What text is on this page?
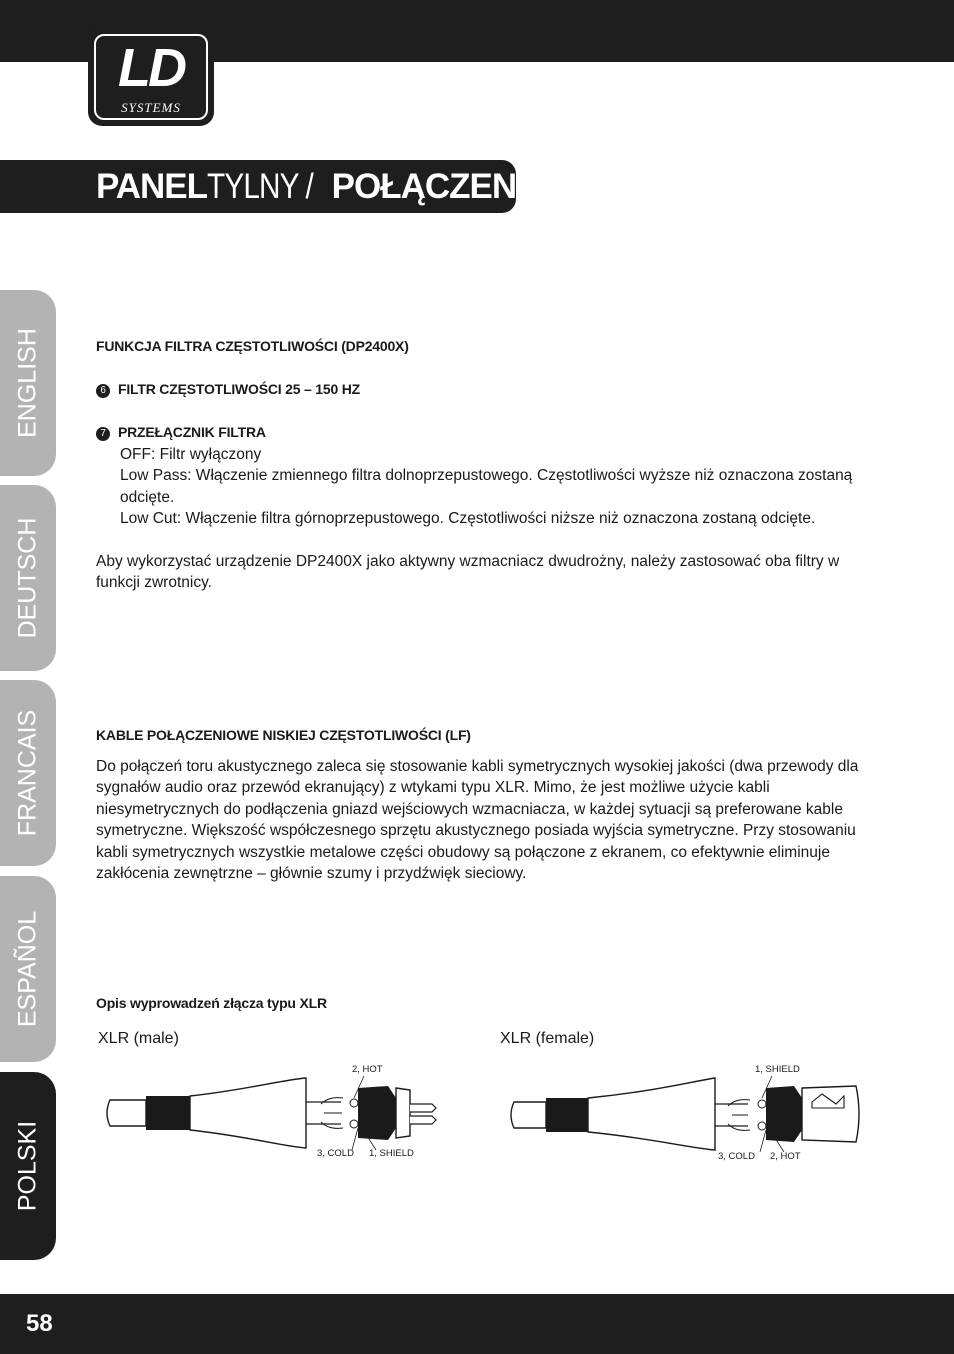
LD
SYSTEMS
PANELTYLNY /POŁĄCZENIA:
ENGLISH
DEUTSCH
FRANCAIS
ESPAÑOL
POLSKI
FUNKCJA FILTRA CZĘSTOTLIWOŚCI (DP2400X)
6 FILTR CZĘSTOTLIWOŚCI 25 – 150 HZ
7 PRZEŁĄCZNIK FILTRA
OFF: Filtr wyłączony
Low Pass: Włączenie zmiennego filtra dolnoprzepustowego. Częstotliwości wyższe niż oznaczona zostaną odcięte.
Low Cut: Włączenie filtra górnoprzepustowego. Częstotliwości niższe niż oznaczona zostaną odcięte.
Aby wykorzystać urządzenie DP2400X jako aktywny wzmacniacz dwudrożny, należy zastosować oba filtry w funkcji zwrotnicy.
KABLE POŁĄCZENIOWE NISKIEJ CZĘSTOTLIWOŚCI (LF)
Do połączeń toru akustycznego zaleca się stosowanie kabli symetrycznych wysokiej jakości (dwa przewody dla sygnałów audio oraz przewód ekranujący) z wtykami typu XLR. Mimo, że jest możliwe użycie kabli niesymetrycznych do podłączenia gniazd wejściowych wzmacniacza, w każdej sytuacji są preferowane kable symetryczne. Większość współczesnego sprzętu akustycznego posiada wyjścia symetryczne. Przy stosowaniu kabli symetrycznych wszystkie metalowe części obudowy są połączone z ekranem, co efektywnie eliminuje zakłócenia zewnętrzne – głównie szumy i przydźwięk sieciowy.
Opis wyprowadzeń złącza typu XLR
XLR (male)	XLR (female)
2, HOT
3, COLD 1, SHIELD
1, SHIELD
3, COLD 2, HOT
58
